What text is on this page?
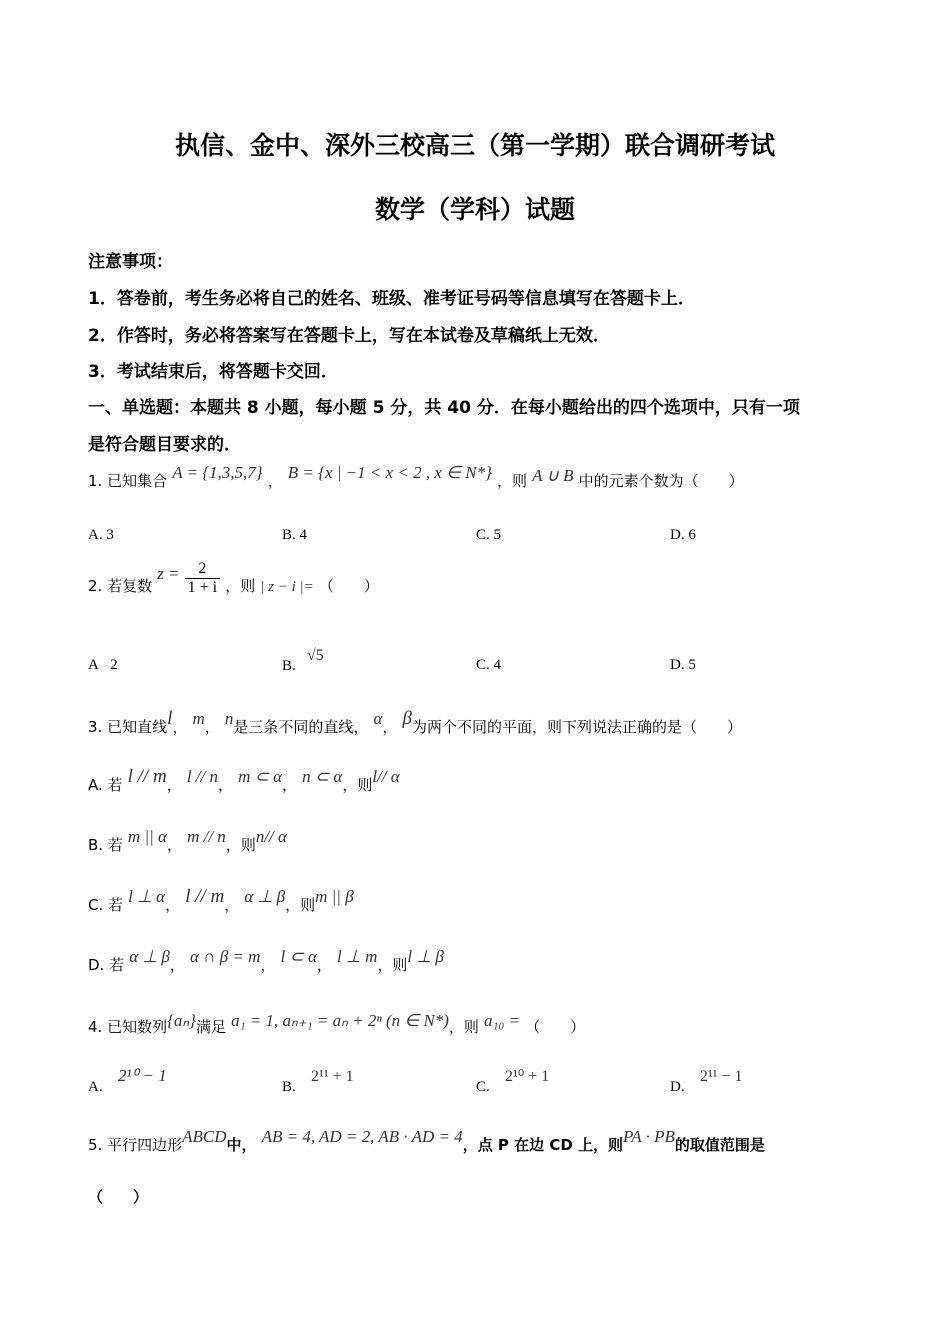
执信、金中、深外三校高三（第一学期）联合调研考试
数学（学科）试题
注意事项：
1．答卷前，考生务必将自己的姓名、班级、准考证号码等信息填写在答题卡上．
2．作答时，务必将答案写在答题卡上，写在本试卷及草稿纸上无效．
3．考试结束后，将答题卡交回．
一、单选题：本题共 8 小题，每小题 5 分，共 40 分．在每小题给出的四个选项中，只有一项
是符合题目要求的．
1. 已知集合 A = {1,3,5,7} ， B = {x | −1 < x < 2 , x ∈ N*} ，则 A ∪ B 中的元素个数为（　　）
A. 3	B. 4	C. 5	D. 6
2. 若复数 $z = \frac{2}{1 + i}$ ，则 | z − i |= （　　）
A 2	B.   √5
C. 4	D. 5
3. 已知直线l， m， n是三条不同的直线， α， β为两个不同的平面，则下列说法正确的是（　　）
A. 若 l // m， l // n， m ⊂ α， n ⊂ α，则l// α
B. 若 m || α， m // n，则n// α
C. 若 l ⊥ α， l // m， α ⊥ β，则m || β
D. 若 α ⊥ β， α ∩ β = m， l ⊂ α， l ⊥ m，则l ⊥ β
4. 已知数列{aₙ}满足 a₁ = 1, aₙ₊₁ = aₙ + 2ⁿ (n ∈ N*)，则 a₁₀ = （　　）
A.   2¹⁰ − 1
B.   2¹¹ + 1
C.   2¹⁰ + 1
D.   2¹¹ − 1
5. 平行四边形ABCD中， AB = 4, AD = 2, AB · AD = 4，点 P 在边 CD 上，则PA · PB的取值范围是
（　　）
